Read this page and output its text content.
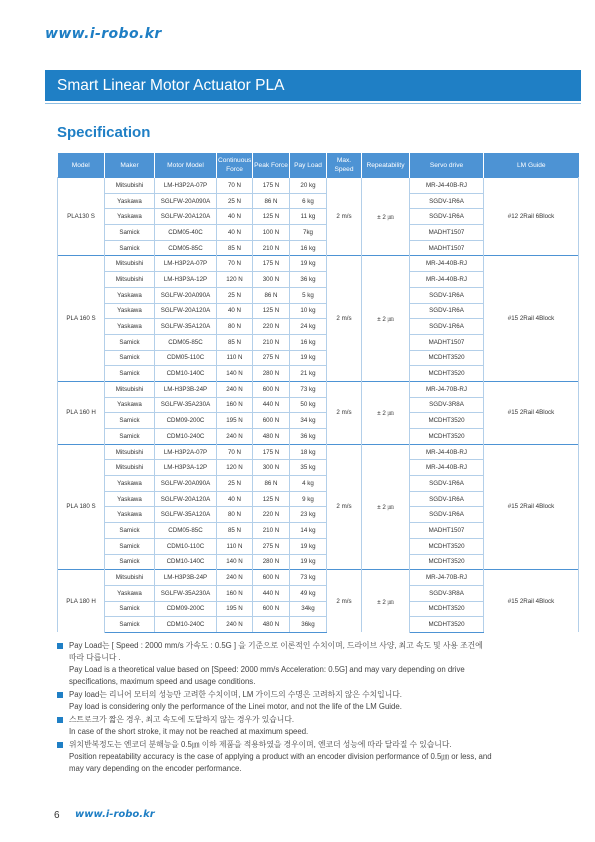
www.i-robo.kr
Smart Linear Motor Actuator PLA
Specification
Model	Maker	Motor Model	Continuous Force	Peak Force	Pay Load	Max. Speed	Repeatability	Servo drive	LM Guide
PLA130 S	Mitsubishi	LM-H3P2A-07P	70 N	175 N	20 kg	2 m/s	± 2 ㎛	MR-J4-40B-RJ	#12 2Rail 6Block
	Yaskawa	SGLFW-20A090A	25 N	86 N	6 kg			SGDV-1R6A	
	Yaskawa	SGLFW-20A120A	40 N	125 N	11 kg			SGDV-1R6A	
	Samick	CDM05-40C	40 N	100 N	7kg			MADHT1507	
	Samick	CDM05-85C	85 N	210 N	16 kg			MADHT1507	
PLA 160 S	Mitsubishi	LM-H3P2A-07P	70 N	175 N	19 kg	2 m/s	± 2 ㎛	MR-J4-40B-RJ	#15 2Rail 4Block
	Mitsubishi	LM-H3P3A-12P	120 N	300 N	36 kg			MR-J4-40B-RJ	
	Yaskawa	SGLFW-20A090A	25 N	86 N	5 kg			SGDV-1R6A	
	Yaskawa	SGLFW-20A120A	40 N	125 N	10 kg			SGDV-1R6A	
	Yaskawa	SGLFW-35A120A	80 N	220 N	24 kg			SGDV-1R6A	
	Samick	CDM05-85C	85 N	210 N	16 kg			MADHT1507	
	Samick	CDM05-110C	110 N	275 N	19 kg			MCDHT3520	
	Samick	CDM10-140C	140 N	280 N	21 kg			MCDHT3520	
PLA 160 H	Mitsubishi	LM-H3P3B-24P	240 N	600 N	73 kg	2 m/s	± 2 ㎛	MR-J4-70B-RJ	#15 2Rail 4Block
	Yaskawa	SGLFW-35A230A	160 N	440 N	50 kg			SGDV-3R8A	
	Samick	CDM09-200C	195 N	600 N	34 kg			MCDHT3520	
	Samick	CDM10-240C	240 N	480 N	36 kg			MCDHT3520	
PLA 180 S	Mitsubishi	LM-H3P2A-07P	70 N	175 N	18 kg	2 m/s	± 2 ㎛	MR-J4-40B-RJ	#15 2Rail 4Block
	Mitsubishi	LM-H3P3A-12P	120 N	300 N	35 kg			MR-J4-40B-RJ	
	Yaskawa	SGLFW-20A090A	25 N	86 N	4 kg			SGDV-1R6A	
	Yaskawa	SGLFW-20A120A	40 N	125 N	9 kg			SGDV-1R6A	
	Yaskawa	SGLFW-35A120A	80 N	220 N	23 kg			SGDV-1R6A	
	Samick	CDM05-85C	85 N	210 N	14 kg			MADHT1507	
	Samick	CDM10-110C	110 N	275 N	19 kg			MCDHT3520	
	Samick	CDM10-140C	140 N	280 N	19 kg			MCDHT3520	
PLA 180 H	Mitsubishi	LM-H3P3B-24P	240 N	600 N	73 kg	2 m/s	± 2 ㎛	MR-J4-70B-RJ	#15 2Rail 4Block
	Yaskawa	SGLFW-35A230A	160 N	440 N	49 kg			SGDV-3R8A	
	Samick	CDM09-200C	195 N	600 N	34kg			MCDHT3520	
	Samick	CDM10-240C	240 N	480 N	36kg			MCDHT3520	
Pay Load는 [ Speed : 2000 mm/s 가속도 : 0.5G ] 을 기준으로 이론적인 수치이며, 드라이브 사양, 최고 속도 및 사용 조건에
따라 다릅니다 .
Pay Load is a theoretical value based on [Speed: 2000 mm/s Acceleration: 0.5G] and may vary depending on drive
specifications, maximum speed and usage conditions.
Pay load는 리니어 모터의 성능만 고려한 수치이며, LM 가이드의 수명은 고려하지 않은 수치입니다.
Pay load is considering only the performance of the Linei motor, and not the life of the LM Guide.
스트로크가 짧은 경우, 최고 속도에 도달하지 않는 경우가 있습니다.
In case of the short stroke, it may not be reached at maximum speed.
위치반복정도는 엔코더 분해능을 0.5㎛ 이하 제품을 적용하였을 경우이며, 엔코더 성능에 따라 달라질 수 있습니다.
Position repeatability accuracy is the case of applying a product with an encoder division performance of 0.5㎛ or less, and
may vary depending on the encoder performance.
6 www.i-robo.kr
